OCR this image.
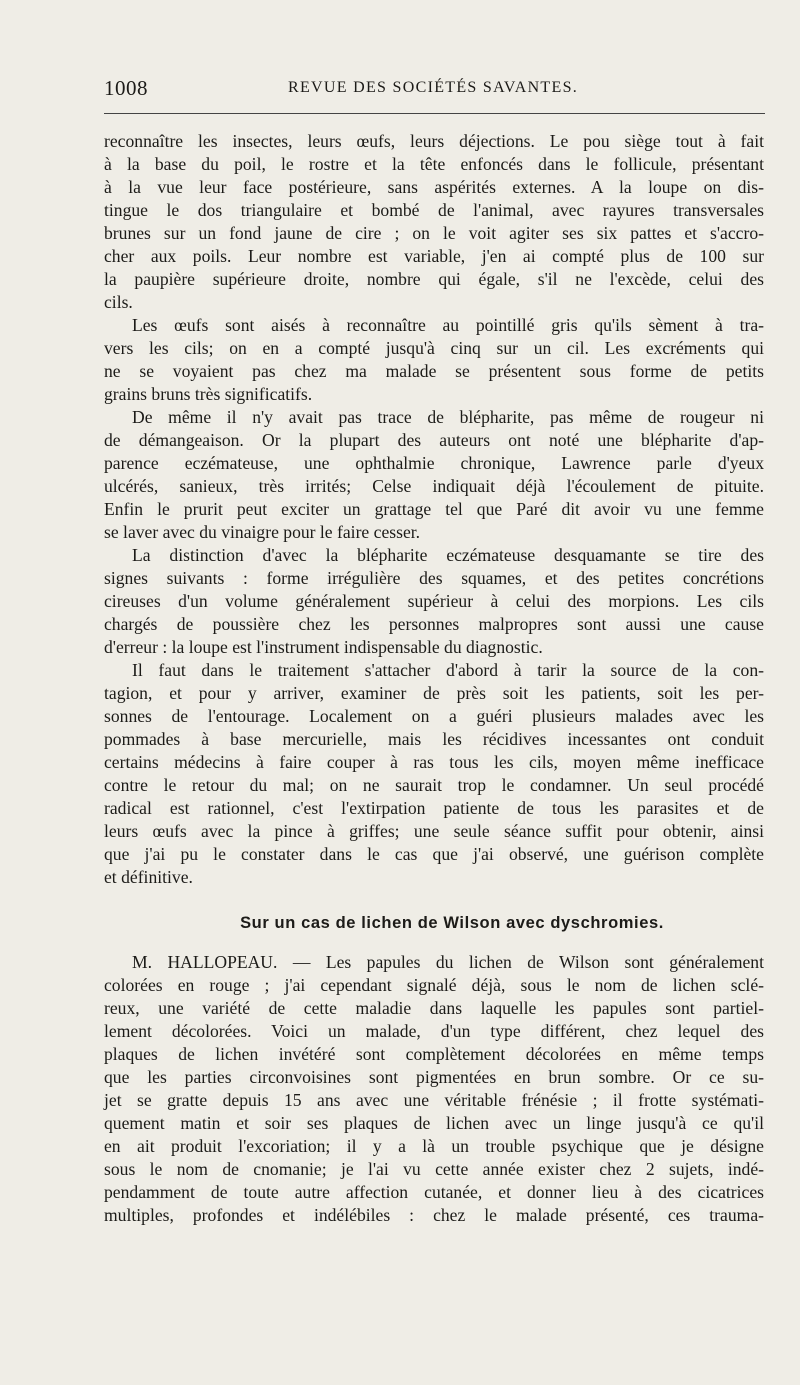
1008	REVUE DES SOCIÉTÉS SAVANTES.
reconnaître les insectes, leurs œufs, leurs déjections. Le pou siège tout à fait
à la base du poil, le rostre et la tête enfoncés dans le follicule, présentant
à la vue leur face postérieure, sans aspérités externes. A la loupe on dis-
tingue le dos triangulaire et bombé de l'animal, avec rayures transversales
brunes sur un fond jaune de cire ; on le voit agiter ses six pattes et s'accro-
cher aux poils. Leur nombre est variable, j'en ai compté plus de 100 sur
la paupière supérieure droite, nombre qui égale, s'il ne l'excède, celui des
cils.
Les œufs sont aisés à reconnaître au pointillé gris qu'ils sèment à tra-
vers les cils; on en a compté jusqu'à cinq sur un cil. Les excréments qui
ne se voyaient pas chez ma malade se présentent sous forme de petits
grains bruns très significatifs.
De même il n'y avait pas trace de blépharite, pas même de rougeur ni
de démangeaison. Or la plupart des auteurs ont noté une blépharite d'ap-
parence eczémateuse, une ophthalmie chronique, Lawrence parle d'yeux
ulcérés, sanieux, très irrités; Celse indiquait déjà l'écoulement de pituite.
Enfin le prurit peut exciter un grattage tel que Paré dit avoir vu une femme
se laver avec du vinaigre pour le faire cesser.
La distinction d'avec la blépharite eczémateuse desquamante se tire des
signes suivants : forme irrégulière des squames, et des petites concrétions
cireuses d'un volume généralement supérieur à celui des morpions. Les cils
chargés de poussière chez les personnes malpropres sont aussi une cause
d'erreur : la loupe est l'instrument indispensable du diagnostic.
Il faut dans le traitement s'attacher d'abord à tarir la source de la con-
tagion, et pour y arriver, examiner de près soit les patients, soit les per-
sonnes de l'entourage. Localement on a guéri plusieurs malades avec les
pommades à base mercurielle, mais les récidives incessantes ont conduit
certains médecins à faire couper à ras tous les cils, moyen même inefficace
contre le retour du mal; on ne saurait trop le condamner. Un seul procédé
radical est rationnel, c'est l'extirpation patiente de tous les parasites et de
leurs œufs avec la pince à griffes; une seule séance suffit pour obtenir, ainsi
que j'ai pu le constater dans le cas que j'ai observé, une guérison complète
et définitive.
Sur un cas de lichen de Wilson avec dyschromies.
M. HALLOPEAU. — Les papules du lichen de Wilson sont généralement
colorées en rouge ; j'ai cependant signalé déjà, sous le nom de lichen sclé-
reux, une variété de cette maladie dans laquelle les papules sont partiel-
lement décolorées. Voici un malade, d'un type différent, chez lequel des
plaques de lichen invétéré sont complètement décolorées en même temps
que les parties circonvoisines sont pigmentées en brun sombre. Or ce su-
jet se gratte depuis 15 ans avec une véritable frénésie ; il frotte systémati-
quement matin et soir ses plaques de lichen avec un linge jusqu'à ce qu'il
en ait produit l'excoriation; il y a là un trouble psychique que je désigne
sous le nom de cnomanie; je l'ai vu cette année exister chez 2 sujets, indé-
pendamment de toute autre affection cutanée, et donner lieu à des cicatrices
multiples, profondes et indélébiles : chez le malade présenté, ces trauma-
